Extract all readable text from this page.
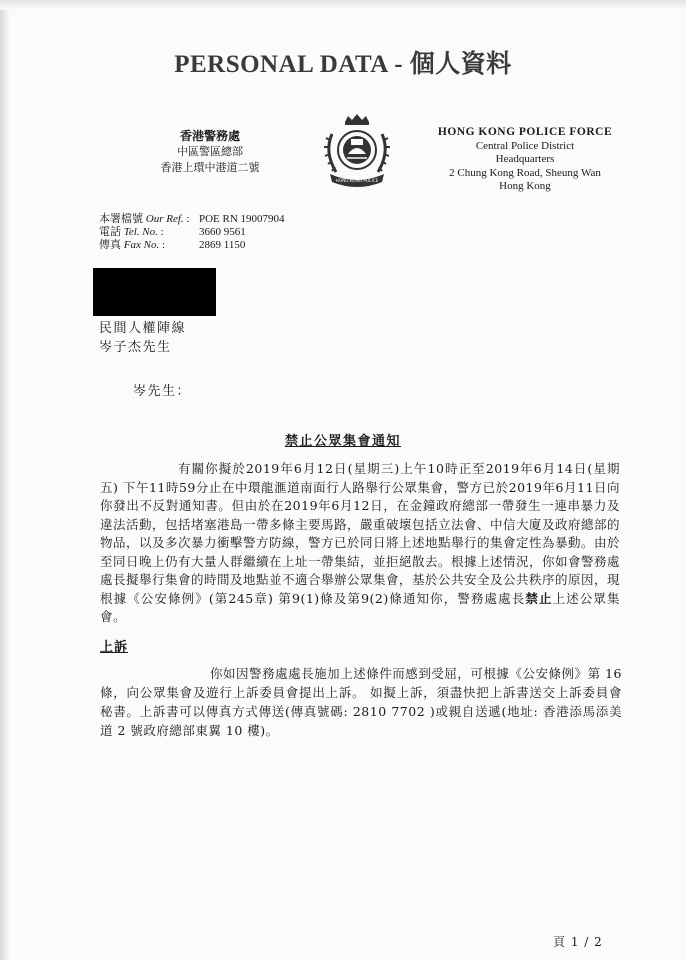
PERSONAL DATA - 個人資料
香港警務處
中區警區總部
香港上環中港道二號
HONG KONG POLICE
HONG KONG POLICE FORCE
Central Police District
Headquarters
2 Chung Kong Road, Sheung Wan
Hong Kong
本署檔號 Our Ref. : POE RN 19007904
電話 Tel. No. :	3660 9561
傳真 Fax No. :	2869 1150
民間人權陣線
岑子杰先生
岑先生：
禁止公眾集會通知

有關你擬於2019年6月12日(星期三)上午10時正至2019年6月14日(星期五) 下午11時59分止在中環龍滙道南面行人路舉行公眾集會，警方已於2019年6月11日向你發出不反對通知書。但由於在2019年6月12日，在金鐘政府總部一帶發生一連串暴力及違法活動，包括堵塞港島一帶多條主要馬路，嚴重破壞包括立法會、中信大廈及政府總部的物品，以及多次暴力衝擊警方防線，警方已於同日將上述地點舉行的集會定性為暴動。由於至同日晚上仍有大量人群繼續在上址一帶集結，並拒絕散去。根據上述情況，你如會警務處處長擬舉行集會的時間及地點並不適合舉辦公眾集會，基於公共安全及公共秩序的原因，現根據《公安條例》(第245章) 第9(1)條及第9(2)條通知你，警務處處長禁止上述公眾集會。

上訴

你如因警務處處長施加上述條件而感到受屈，可根據《公安條例》第 16 條，向公眾集會及遊行上訴委員會提出上訴。 如擬上訴，須盡快把上訴書送交上訴委員會秘書。上訴書可以傳真方式傳送(傳真號碼: 2810 7702 )或親自送遞(地址: 香港添馬添美道 2 號政府總部東翼 10 樓)。

頁 1 / 2
